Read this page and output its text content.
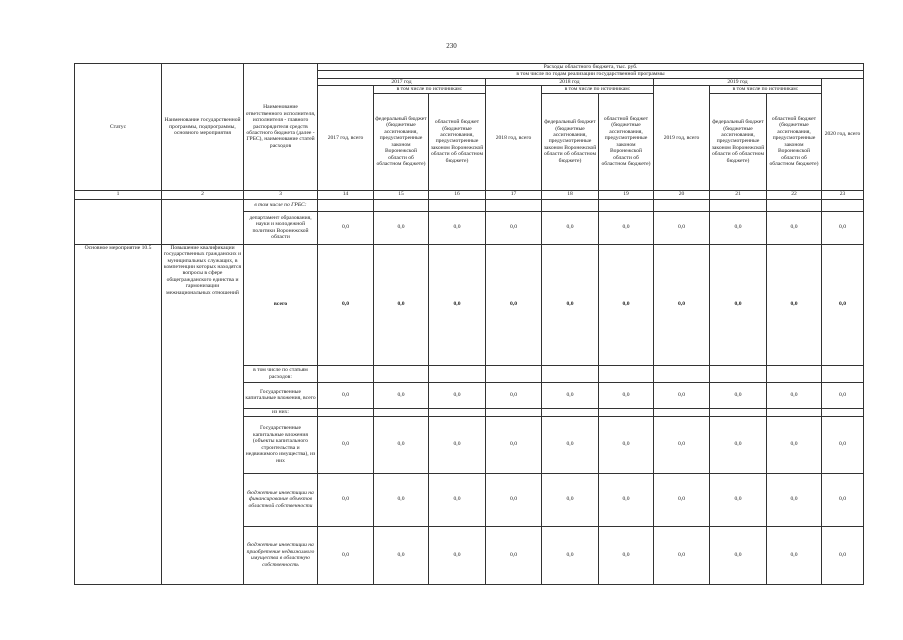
230
Статус	Наименование государственной программы, подпрограммы, основного мероприятия	Наименование ответственного исполнителя, исполнителя - главного распорядителя средств областного бюджета (далее - ГРБС), наименование статей расходов	Расходы областного бюджета, тыс. руб.									
			в том числе по годам реализации государственной программы									
			2017 год			2018 год			2019 год			2020 год, всего
			2017 год, всего	в том числе по источникам:		2018 год, всего	в том числе по источникам:		2019 год, всего	в том числе по источникам:		
				федеральный бюджет (бюджетные ассигнования, предусмотренные законом Воронежской области об областном бюджете)	областной бюджет (бюджетные ассигнования, предусмотренные законом Воронежской области об областном бюджете)		федеральный бюджет (бюджетные ассигнования, предусмотренные законом Воронежской области об областном бюджете)	областной бюджет (бюджетные ассигнования, предусмотренные законом Воронежской области об областном бюджете)		федеральный бюджет (бюджетные ассигнования, предусмотренные законом Воронежской области об областном бюджете)	областной бюджет (бюджетные ассигнования, предусмотренные законом Воронежской области об областном бюджете)	
1	2	3	14	15	16	17	18	19	20	21	22	23
		в том числе по ГРБС:										
		департамент образования, науки и молодежной политики Воронежской области	0,0	0,0	0,0	0,0	0,0	0,0	0,0	0,0	0,0	0,0
Основное мероприятие 10.5	Повышение квалификации государственных гражданских и муниципальных служащих, в компетенции которых находятся вопросы в сфере общегражданского единства и гармонизации межнациональных отношений	всего	0,0	0,0	0,0	0,0	0,0	0,0	0,0	0,0	0,0	0,0
		в том числе по статьям расходов:										
		Государственные капитальные вложения, всего	0,0	0,0	0,0	0,0	0,0	0,0	0,0	0,0	0,0	0,0
		из них:										
		Государственные капитальные вложения (объекты капитального строительства и недвижимого имущества), из них	0,0	0,0	0,0	0,0	0,0	0,0	0,0	0,0	0,0	0,0
		бюджетные инвестиции на финансирование объектов областной собственности	0,0	0,0	0,0	0,0	0,0	0,0	0,0	0,0	0,0	0,0
		бюджетные инвестиции на приобретение недвижимого имущества в областную собственность	0,0	0,0	0,0	0,0	0,0	0,0	0,0	0,0	0,0	0,0
